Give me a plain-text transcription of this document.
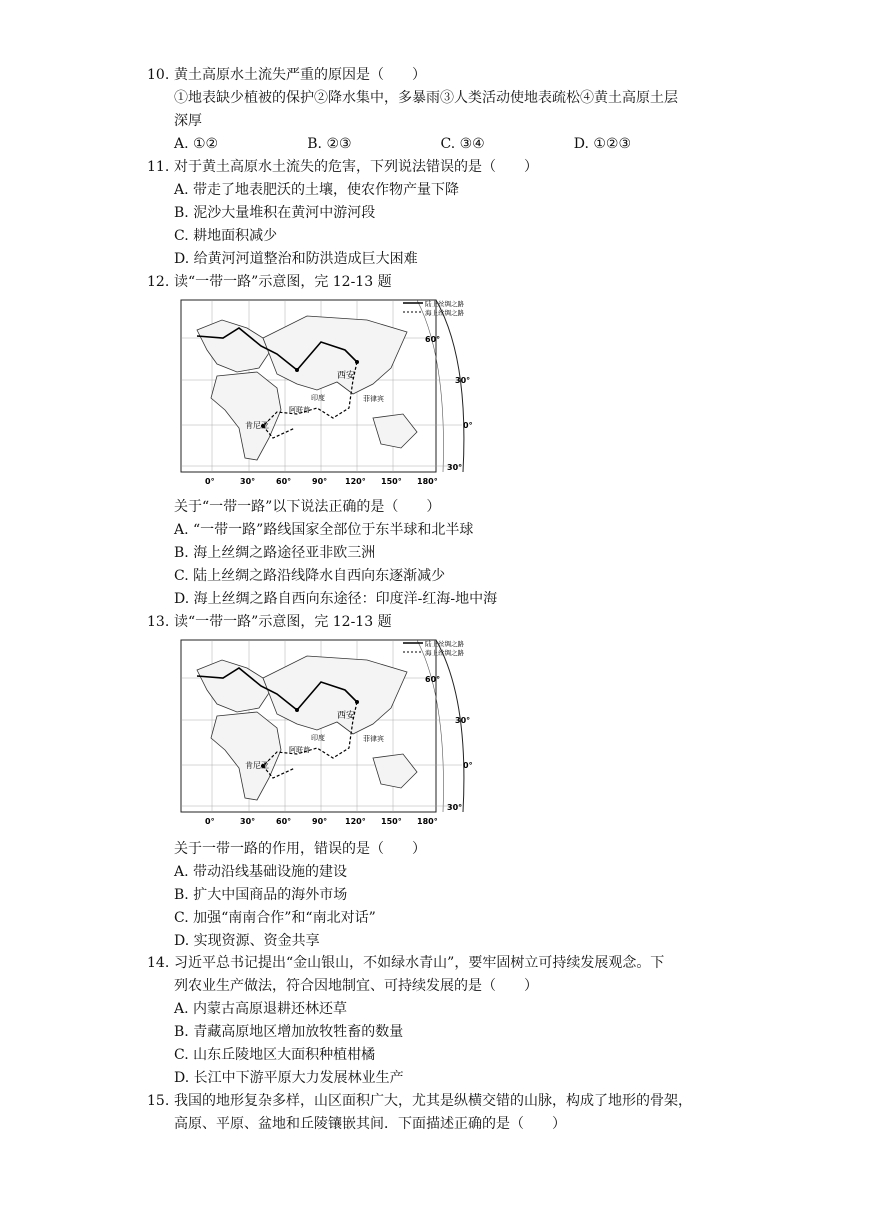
10. 黄土高原水土流失严重的原因是（　　）
①地表缺少植被的保护②降水集中，多暴雨③人类活动使地表疏松④黄土高原土层
深厚
A. ①②	B. ②③	C. ③④	D. ①②③
11. 对于黄土高原水土流失的危害，下列说法错误的是（　　）
A. 带走了地表肥沃的土壤，使农作物产量下降
B. 泥沙大量堆积在黄河中游河段
C. 耕地面积减少
D. 给黄河河道整治和防洪造成巨大困难
12. 读“一带一路”示意图，完 12-13 题
陆上丝绸之路
海上丝绸之路
西安
印度
阿联酋
肯尼亚
菲律宾
60°
30°
0°
30°
0°	30°	60°	90° 120° 150° 180°
关于“一带一路”以下说法正确的是（　　）
A. “一带一路”路线国家全部位于东半球和北半球
B. 海上丝绸之路途径亚非欧三洲
C. 陆上丝绸之路沿线降水自西向东逐渐减少
D. 海上丝绸之路自西向东途径：印度洋-红海-地中海
13. 读“一带一路”示意图，完 12-13 题
陆上丝绸之路
海上丝绸之路
西安
印度
阿联酋
肯尼亚
菲律宾
60°
30°
0°
30°
0°	30°	60°	90° 120° 150° 180°
关于一带一路的作用，错误的是（　　）
A. 带动沿线基础设施的建设
B. 扩大中国商品的海外市场
C. 加强“南南合作”和“南北对话”
D. 实现资源、资金共享
14. 习近平总书记提出“金山银山，不如绿水青山”，要牢固树立可持续发展观念。下
列农业生产做法，符合因地制宜、可持续发展的是（　　）
A. 内蒙古高原退耕还林还草
B. 青藏高原地区增加放牧牲畜的数量
C. 山东丘陵地区大面积种植柑橘
D. 长江中下游平原大力发展林业生产
15. 我国的地形复杂多样，山区面积广大，尤其是纵横交错的山脉，构成了地形的骨架，
高原、平原、盆地和丘陵镶嵌其间．下面描述正确的是（　　）
